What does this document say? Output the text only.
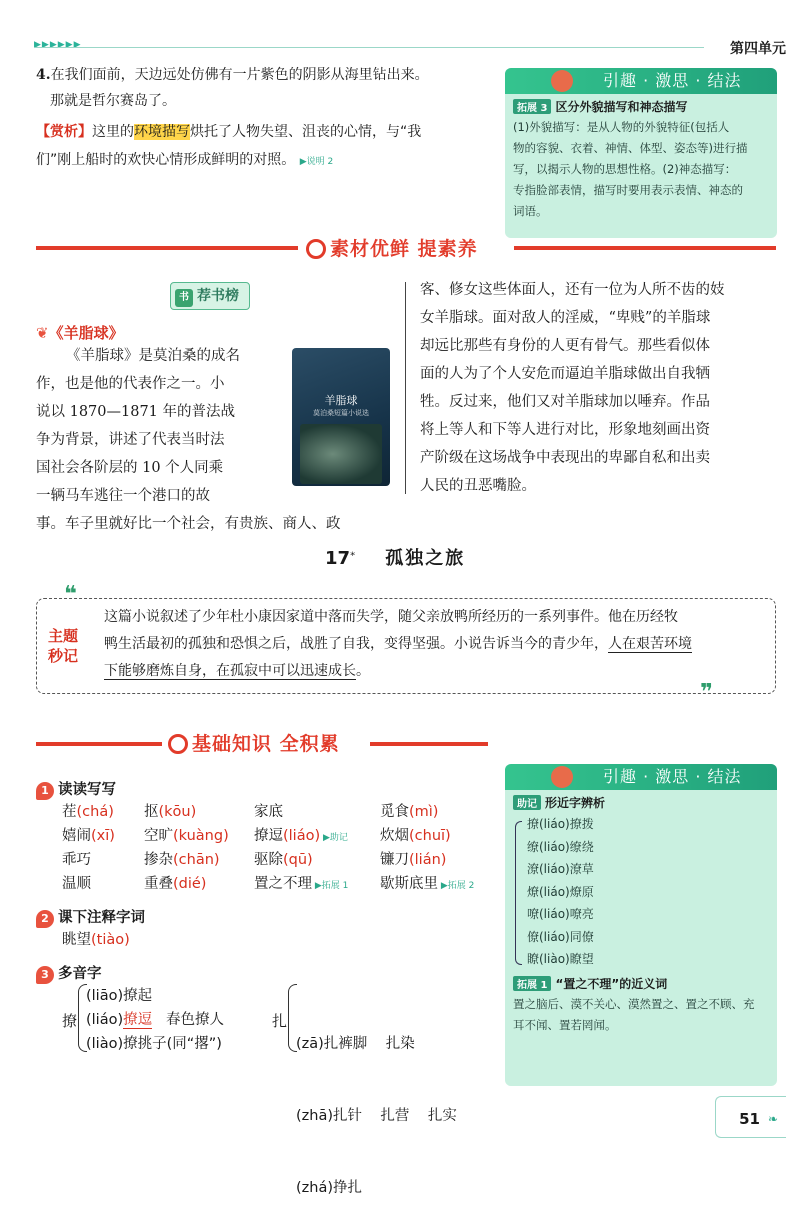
▶▶▶▶▶▶	第四单元
4.在我们面前，天边远处仿佛有一片紫色的阴影从海里钻出来。
那就是哲尔赛岛了。
【赏析】这里的环境描写烘托了人物失望、沮丧的心情，与“我
们”刚上船时的欢快心情形成鲜明的对照。 ▶说明 2
引趣 · 激思 · 结法
拓展 3 区分外貌描写和神态描写
(1)外貌描写：是从人物的外貌特征(包括人
物的容貌、衣着、神情、体型、姿态等)进行描
写，以揭示人物的思想性格。(2)神态描写：
专指脸部表情，描写时要用表示表情、神态的
词语。
素材优鲜 提素养
书 荐书榜
❦《羊脂球》
羊脂球
莫泊桑短篇小说选
《羊脂球》是莫泊桑的成名
作，也是他的代表作之一。小
说以 1870—1871 年的普法战
争为背景，讲述了代表当时法
国社会各阶层的 10 个人同乘
一辆马车逃往一个港口的故
事。车子里就好比一个社会，有贵族、商人、政
客、修女这些体面人，还有一位为人所不齿的妓
女羊脂球。面对敌人的淫威，“卑贱”的羊脂球
却远比那些有身份的人更有骨气。那些看似体
面的人为了个人安危而逼迫羊脂球做出自我牺
牲。反过来，他们又对羊脂球加以唾弃。作品
将上等人和下等人进行对比，形象地刻画出资
产阶级在这场战争中表现出的卑鄙自私和出卖
人民的丑恶嘴脸。
17* 孤独之旅
❝
❞
主题
秒记
这篇小说叙述了少年杜小康因家道中落而失学，随父亲放鸭所经历的一系列事件。他在历经牧
鸭生活最初的孤独和恐惧之后，战胜了自我，变得坚强。小说告诉当今的青少年，人在艰苦环境
下能够磨炼自身，在孤寂中可以迅速成长。
基础知识 全积累
1 读读写写
茬(chá) 抠(kōu)	家底	觅食(mì)
嬉闹(xī) 空旷(kuàng) 撩逗(liáo) ▶助记 炊烟(chuī)
乖巧	掺杂(chān) 驱除(qū)	镰刀(lián)
温顺	重叠(dié)	置之不理 ▶拓展 1 歇斯底里 ▶拓展 2
2 课下注释字词
眺望(tiào)
3 多音字
撩
(liāo)撩起
(liáo)撩逗   春色撩人
(liào)撩挑子(同“撂”)
扎

(zā)扎裤脚    扎染

(zhā)扎针    扎营    扎实

(zhá)挣扎

引趣 · 激思 · 结法
助记 形近字辨析
撩(liáo)撩拨
缭(liáo)缭绕
潦(liáo)潦草
燎(liáo)燎原
嘹(liáo)嘹亮
僚(liáo)同僚
瞭(liào)瞭望
拓展 1 “置之不理”的近义词
置之脑后、漠不关心、漠然置之、置之不顾、充
耳不闻、置若罔闻。
51 ❧
